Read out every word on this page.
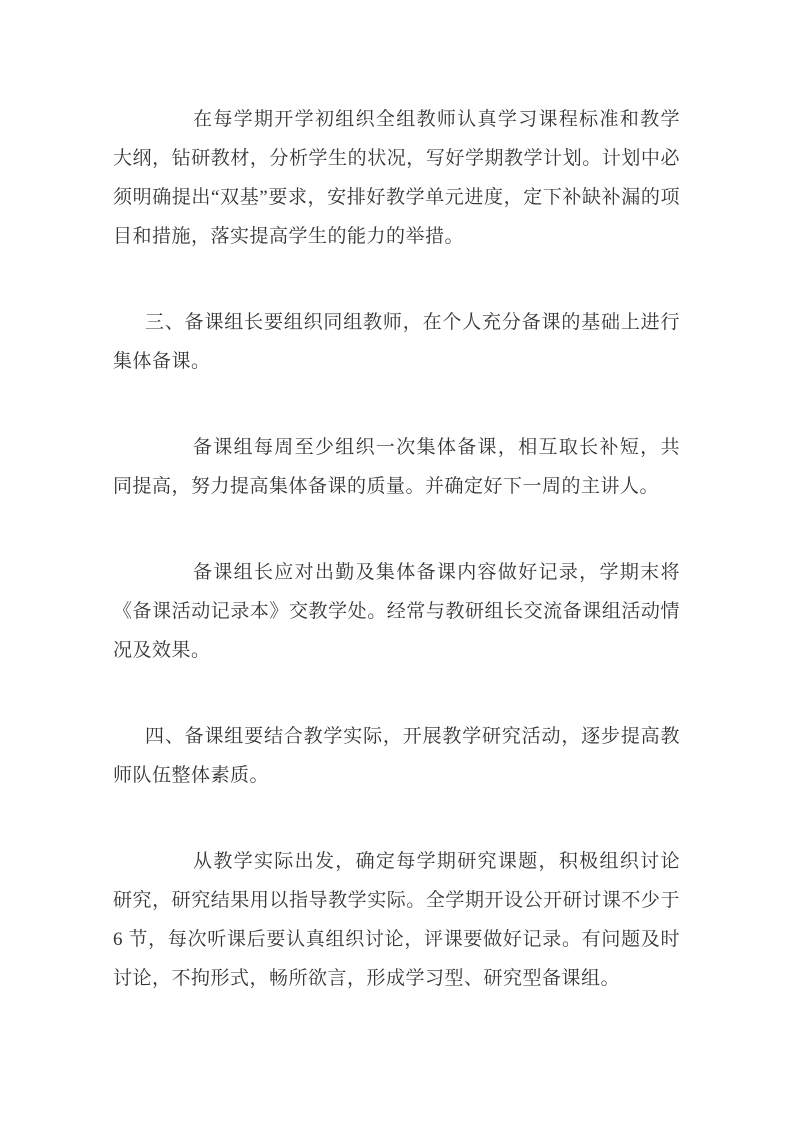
在每学期开学初组织全组教师认真学习课程标准和教学大纲，钻研教材，分析学生的状况，写好学期教学计划。计划中必须明确提出“双基”要求，安排好教学单元进度，定下补缺补漏的项目和措施，落实提高学生的能力的举措。

三、备课组长要组织同组教师，在个人充分备课的基础上进行集体备课。

备课组每周至少组织一次集体备课，相互取长补短，共同提高，努力提高集体备课的质量。并确定好下一周的主讲人。

备课组长应对出勤及集体备课内容做好记录，学期末将《备课活动记录本》交教学处。经常与教研组长交流备课组活动情况及效果。

四、备课组要结合教学实际，开展教学研究活动，逐步提高教师队伍整体素质。

从教学实际出发，确定每学期研究课题，积极组织讨论研究，研究结果用以指导教学实际。全学期开设公开研讨课不少于 6 节，每次听课后要认真组织讨论，评课要做好记录。有问题及时讨论，不拘形式，畅所欲言，形成学习型、研究型备课组。
